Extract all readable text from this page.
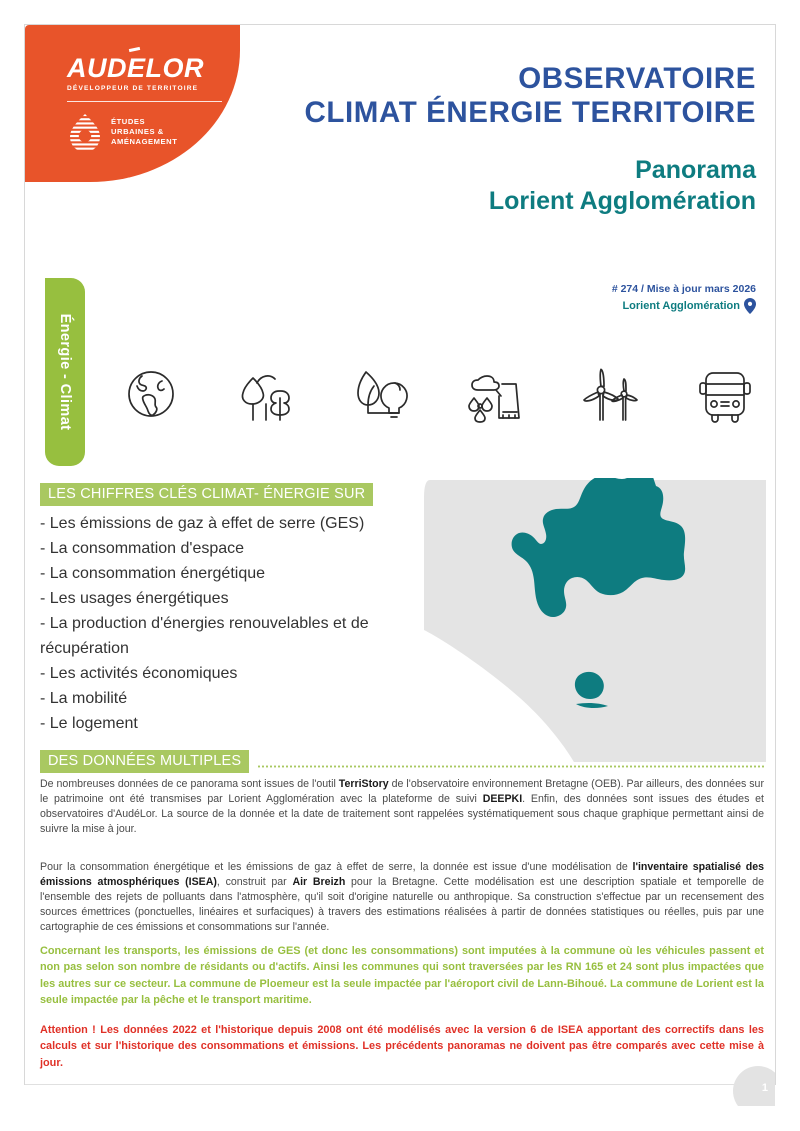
AUDELOR
DÉVELOPPEUR DE TERRITOIRE
ÉTUDES
URBAINES &
AMÉNAGEMENT
OBSERVATOIRE
CLIMAT ÉNERGIE TERRITOIRE
Panorama
Lorient Agglomération
# 274 / Mise à jour mars 2026
Lorient Agglomération
Énergie - Climat
LES CHIFFRES CLÉS CLIMAT- ÉNERGIE SUR
- Les émissions de gaz à effet de serre (GES)
- La consommation d'espace
- La consommation énergétique
- Les usages énergétiques
- La production d'énergies renouvelables et de récupération
- Les activités économiques
- La mobilité
- Le logement
DES DONNÉES MULTIPLES
De nombreuses données de ce panorama sont issues de l'outil TerriStory de l'observatoire environnement Bretagne (OEB). Par ailleurs, des données sur le patrimoine ont été transmises par Lorient Agglomération avec la plateforme de suivi DEEPKI. Enfin, des données sont issues des études et observatoires d'AudéLor. La source de la donnée et la date de traitement sont rappelées systématiquement sous chaque graphique permettant ainsi de suivre la mise à jour.
Pour la consommation énergétique et les émissions de gaz à effet de serre, la donnée est issue d'une modélisation de l'inventaire spatialisé des émissions atmosphériques (ISEA), construit par Air Breizh pour la Bretagne. Cette modélisation est une description spatiale et temporelle de l'ensemble des rejets de polluants dans l'atmosphère, qu'il soit d'origine naturelle ou anthropique. Sa construction s'effectue par un recensement des sources émettrices (ponctuelles, linéaires et surfaciques) à travers des estimations réalisées à partir de données statistiques ou réelles, puis par une cartographie de ces émissions et consommations sur l'année.
Concernant les transports, les émissions de GES (et donc les consommations) sont imputées à la commune où les véhicules passent et non pas selon son nombre de résidants ou d'actifs. Ainsi les communes qui sont traversées par les RN 165 et 24 sont plus impactées que les autres sur ce secteur. La commune de Ploemeur est la seule impactée par l'aéroport civil de Lann-Bihoué. La commune de Lorient est la seule impactée par la pêche et le transport maritime.
Attention ! Les données 2022 et l'historique depuis 2008 ont été modélisés avec la version 6 de ISEA apportant des correctifs dans les calculs et sur l'historique des consommations et émissions. Les précédents panoramas ne doivent pas être comparés avec cette mise à jour.
1
